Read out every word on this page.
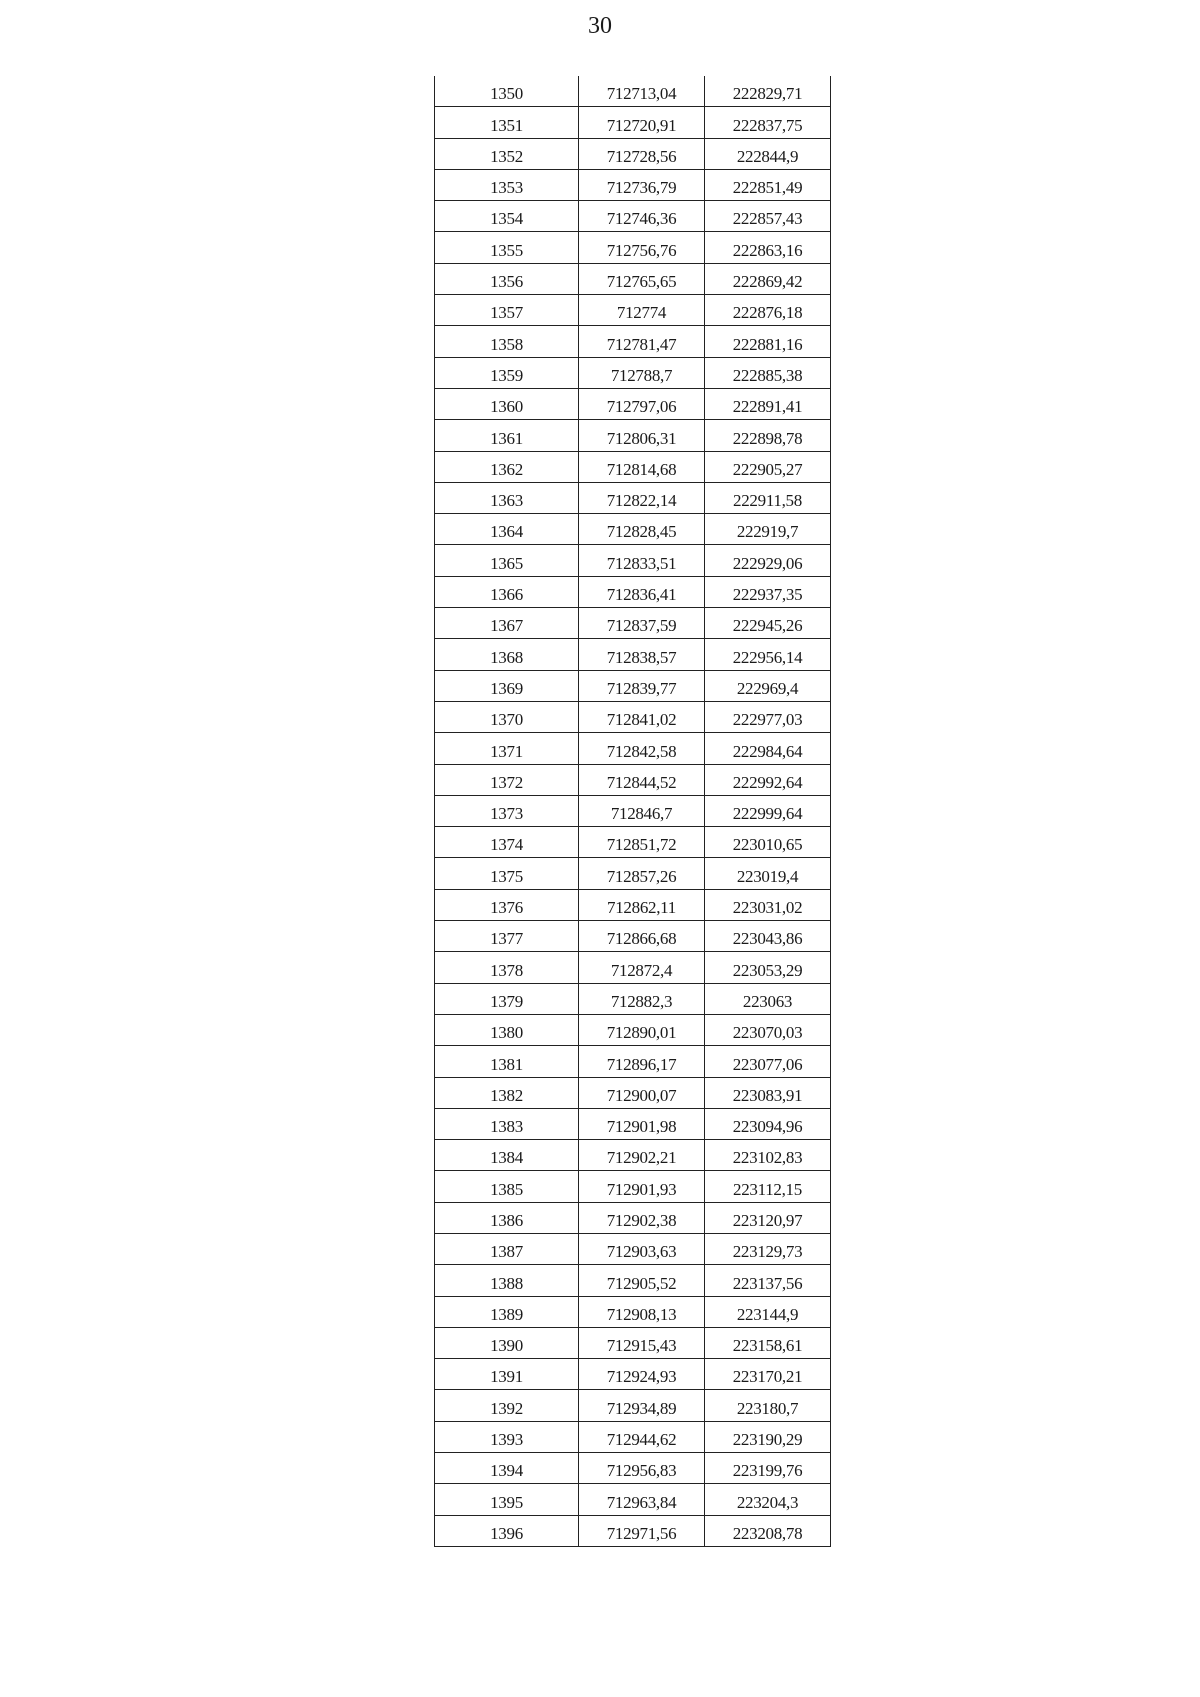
30
1350	712713,04	222829,71
1351	712720,91	222837,75
1352	712728,56	222844,9
1353	712736,79	222851,49
1354	712746,36	222857,43
1355	712756,76	222863,16
1356	712765,65	222869,42
1357	712774	222876,18
1358	712781,47	222881,16
1359	712788,7	222885,38
1360	712797,06	222891,41
1361	712806,31	222898,78
1362	712814,68	222905,27
1363	712822,14	222911,58
1364	712828,45	222919,7
1365	712833,51	222929,06
1366	712836,41	222937,35
1367	712837,59	222945,26
1368	712838,57	222956,14
1369	712839,77	222969,4
1370	712841,02	222977,03
1371	712842,58	222984,64
1372	712844,52	222992,64
1373	712846,7	222999,64
1374	712851,72	223010,65
1375	712857,26	223019,4
1376	712862,11	223031,02
1377	712866,68	223043,86
1378	712872,4	223053,29
1379	712882,3	223063
1380	712890,01	223070,03
1381	712896,17	223077,06
1382	712900,07	223083,91
1383	712901,98	223094,96
1384	712902,21	223102,83
1385	712901,93	223112,15
1386	712902,38	223120,97
1387	712903,63	223129,73
1388	712905,52	223137,56
1389	712908,13	223144,9
1390	712915,43	223158,61
1391	712924,93	223170,21
1392	712934,89	223180,7
1393	712944,62	223190,29
1394	712956,83	223199,76
1395	712963,84	223204,3
1396	712971,56	223208,78
